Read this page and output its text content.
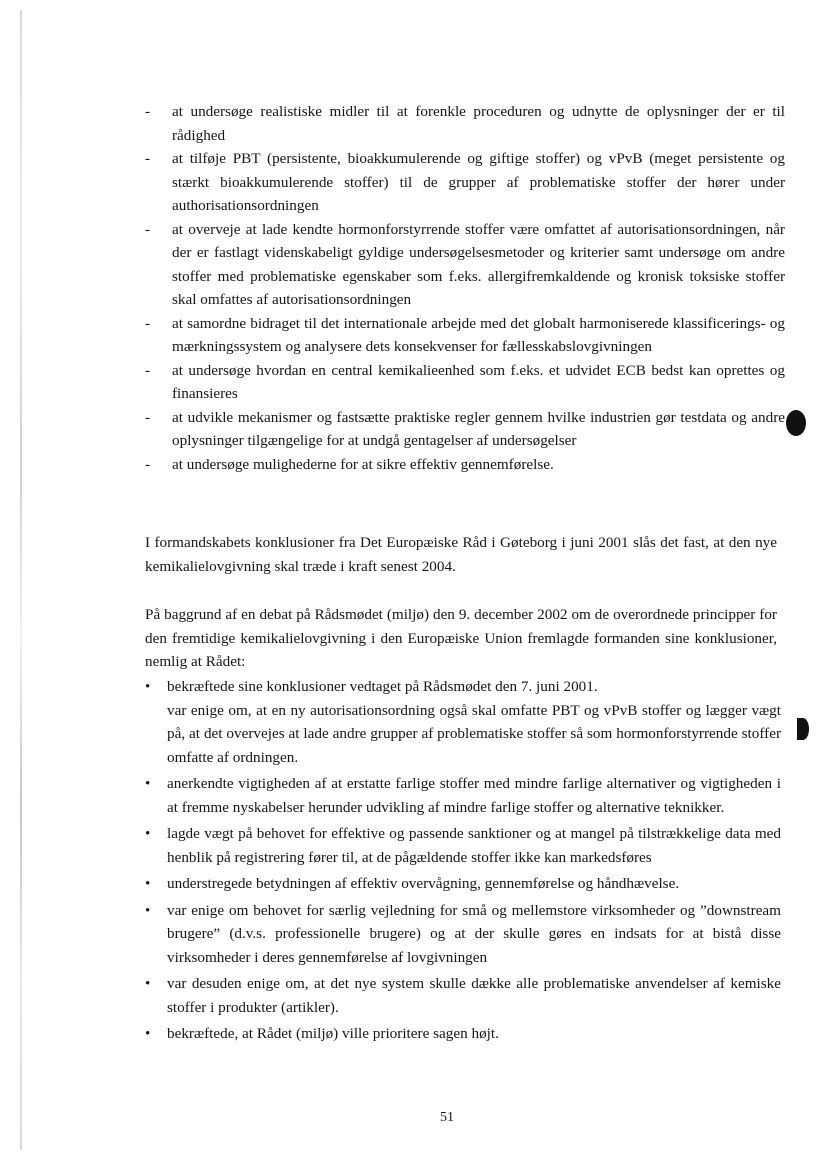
- at undersøge realistiske midler til at forenkle proceduren og udnytte de oplysninger der er til rådighed
- at tilføje PBT (persistente, bioakkumulerende og giftige stoffer) og vPvB (meget persistente og stærkt bioakkumulerende stoffer) til de grupper af problematiske stoffer der hører under authorisationsordningen
- at overveje at lade kendte hormonforstyrrende stoffer være omfattet af autorisationsordningen, når der er fastlagt videnskabeligt gyldige undersøgelsesmetoder og kriterier samt undersøge om andre stoffer med problematiske egenskaber som f.eks. allergifremkaldende og kronisk toksiske stoffer skal omfattes af autorisationsordningen
- at samordne bidraget til det internationale arbejde med det globalt harmoniserede klassificerings- og mærkningssystem og analysere dets konsekvenser for fællesskabslovgivningen
- at undersøge hvordan en central kemikalieenhed som f.eks. et udvidet ECB bedst kan oprettes og finansieres
- at udvikle mekanismer og fastsætte praktiske regler gennem hvilke industrien gør testdata og andre oplysninger tilgængelige for at undgå gentagelser af undersøgelser
- at undersøge mulighederne for at sikre effektiv gennemførelse.

I formandskabets konklusioner fra Det Europæiske Råd i Gøteborg i juni 2001 slås det fast, at den nye kemikalielovgivning skal træde i kraft senest 2004.

På baggrund af en debat på Rådsmødet (miljø) den 9. december 2002 om de overordnede principper for den fremtidige kemikalielovgivning i den Europæiske Union fremlagde formanden sine konklusioner, nemlig at Rådet:

• bekræftede sine konklusioner vedtaget på Rådsmødet den 7. juni 2001.
var enige om, at en ny autorisationsordning også skal omfatte PBT og vPvB stoffer og lægger vægt på, at det overvejes at lade andre grupper af problematiske stoffer så som hormonforstyrrende stoffer omfatte af ordningen.
• anerkendte vigtigheden af at erstatte farlige stoffer med mindre farlige alternativer og vigtigheden i at fremme nyskabelser herunder udvikling af mindre farlige stoffer og alternative teknikker.
• lagde vægt på behovet for effektive og passende sanktioner og at mangel på tilstrækkelige data med henblik på registrering fører til, at de pågældende stoffer ikke kan markedsføres
• understregede betydningen af effektiv overvågning, gennemførelse og håndhævelse.
• var enige om behovet for særlig vejledning for små og mellemstore virksomheder og ”downstream brugere” (d.v.s. professionelle brugere) og at der skulle gøres en indsats for at bistå disse virksomheder i deres gennemførelse af lovgivningen
• var desuden enige om, at det nye system skulle dække alle problematiske anvendelser af kemiske stoffer i produkter (artikler).
• bekræftede, at Rådet (miljø) ville prioritere sagen højt.
51
